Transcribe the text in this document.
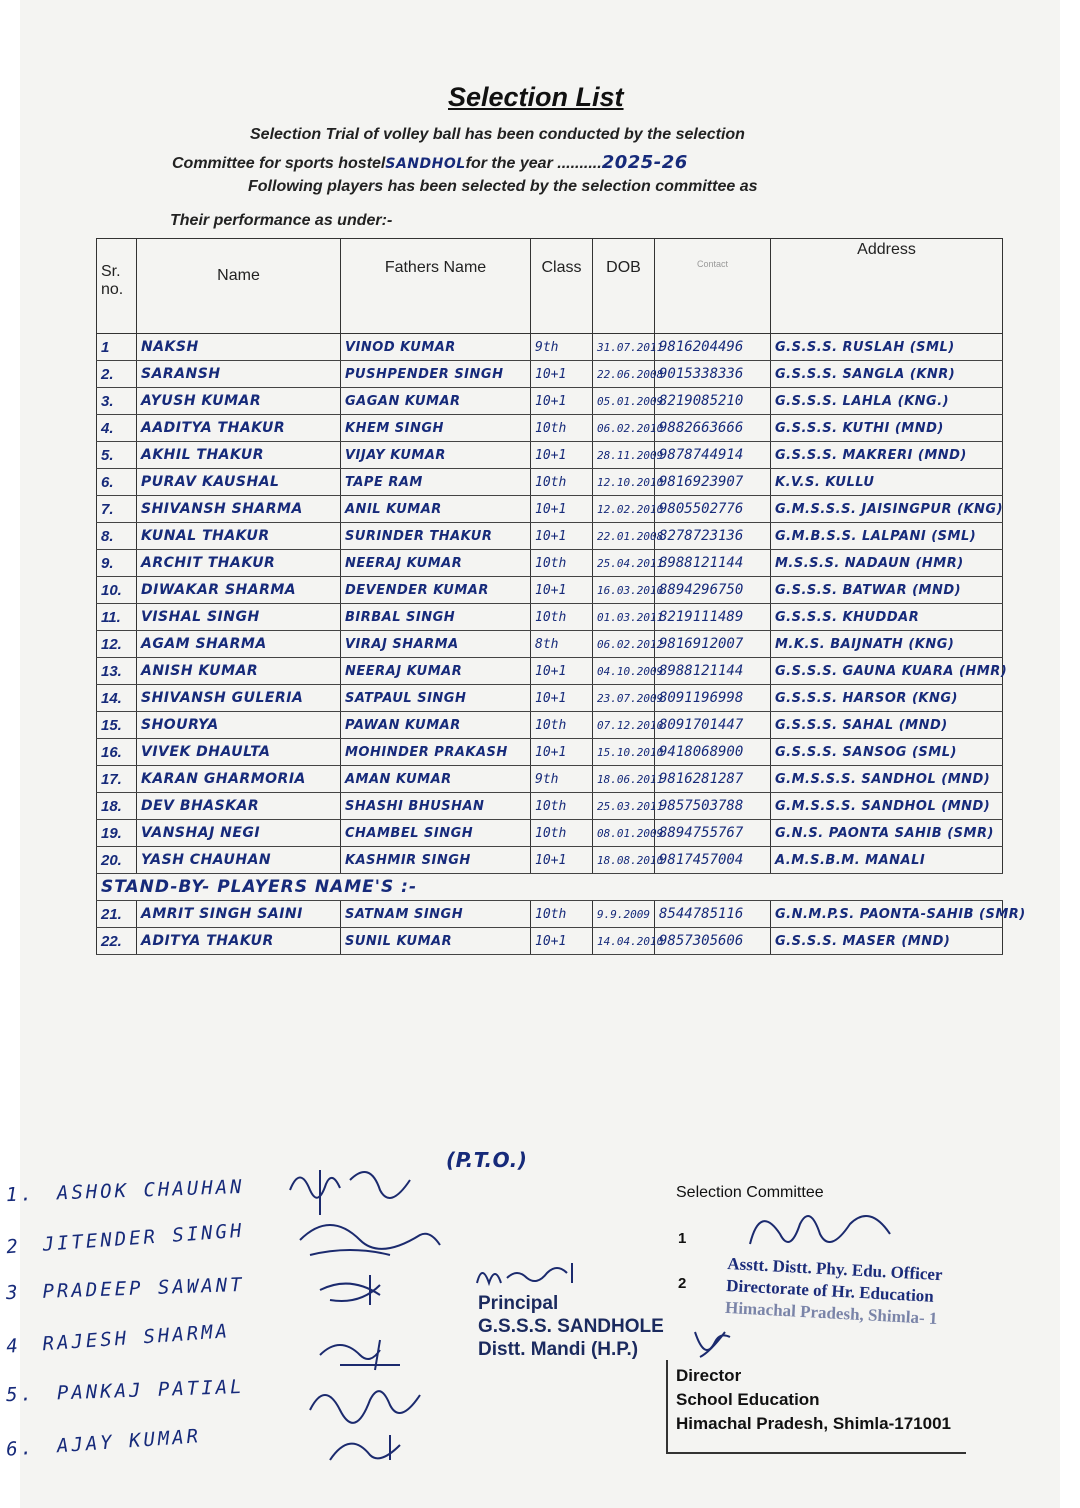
Selection List
Selection Trial of volley ball has been conducted by the selection
Committee for sports hostelSANDHOLfor the year ..........2025-26
Following players has been selected by the selection committee as
Their performance as under:-
Sr.
no.	Name	Fathers Name	Class	DOB	Contact	Address
1	NAKSH	VINOD KUMAR	9th	31.07.2011	9816204496	G.S.S.S. RUSLAH (SML)
2.	SARANSH	PUSHPENDER SINGH	10+1	22.06.2008	9015338336	G.S.S.S. SANGLA (KNR)
3.	AYUSH KUMAR	GAGAN KUMAR	10+1	05.01.2009	8219085210	G.S.S.S. LAHLA (KNG.)
4.	AADITYA THAKUR	KHEM SINGH	10th	06.02.2010	9882663666	G.S.S.S. KUTHI (MND)
5.	AKHIL THAKUR	VIJAY KUMAR	10+1	28.11.2009	9878744914	G.S.S.S. MAKRERI (MND)
6.	PURAV KAUSHAL	TAPE RAM	10th	12.10.2010	9816923907	K.V.S. KULLU
7.	SHIVANSH SHARMA	ANIL KUMAR	10+1	12.02.2010	9805502776	G.M.S.S.S. JAISINGPUR (KNG)
8.	KUNAL THAKUR	SURINDER THAKUR	10+1	22.01.2008	8278723136	G.M.B.S.S. LALPANI (SML)
9.	ARCHIT THAKUR	NEERAJ KUMAR	10th	25.04.2011	8988121144	M.S.S.S. NADAUN (HMR)
10.	DIWAKAR SHARMA	DEVENDER KUMAR	10+1	16.03.2010	8894296750	G.S.S.S. BATWAR (MND)
11.	VISHAL SINGH	BIRBAL SINGH	10th	01.03.2011	8219111489	G.S.S.S. KHUDDAR
12.	AGAM SHARMA	VIRAJ SHARMA	8th	06.02.2012	9816912007	M.K.S. BAIJNATH (KNG)
13.	ANISH KUMAR	NEERAJ KUMAR	10+1	04.10.2009	8988121144	G.S.S.S. GAUNA KUARA (HMR)
14.	SHIVANSH GULERIA	SATPAUL SINGH	10+1	23.07.2009	8091196998	G.S.S.S. HARSOR (KNG)
15.	SHOURYA	PAWAN KUMAR	10th	07.12.2010	8091701447	G.S.S.S. SAHAL (MND)
16.	VIVEK DHAULTA	MOHINDER PRAKASH	10+1	15.10.2010	9418068900	G.S.S.S. SANSOG (SML)
17.	KARAN GHARMORIA	AMAN KUMAR	9th	18.06.2011	9816281287	G.M.S.S.S. SANDHOL (MND)
18.	DEV BHASKAR	SHASHI BHUSHAN	10th	25.03.2011	9857503788	G.M.S.S.S. SANDHOL (MND)
19.	VANSHAJ NEGI	CHAMBEL SINGH	10th	08.01.2009	8894755767	G.N.S. PAONTA SAHIB (SMR)
20.	YASH CHAUHAN	KASHMIR SINGH	10+1	18.08.2010	9817457004	A.M.S.B.M. MANALI
STAND-BY- PLAYERS NAME'S :-						
21.	AMRIT SINGH SAINI	SATNAM SINGH	10th	9.9.2009	8544785116	G.N.M.P.S. PAONTA-SAHIB (SMR)
22.	ADITYA THAKUR	SUNIL KUMAR	10+1	14.04.2010	9857305606	G.S.S.S. MASER (MND)
(P.T.O.)
1. ASHOK CHAUHAN
2 JITENDER SINGH
3 PRADEEP SAWANT
4 RAJESH SHARMA
5. PANKAJ PATIAL
6. AJAY KUMAR
Selection Committee
1
2 Asstt. Distt. Phy. Edu. Officer
Directorate of Hr. Education
Himachal Pradesh, Shimla- 1
Principal
G.S.S.S. SANDHOLE
Distt. Mandi (H.P.)
Director
School Education
Himachal Pradesh, Shimla-171001
